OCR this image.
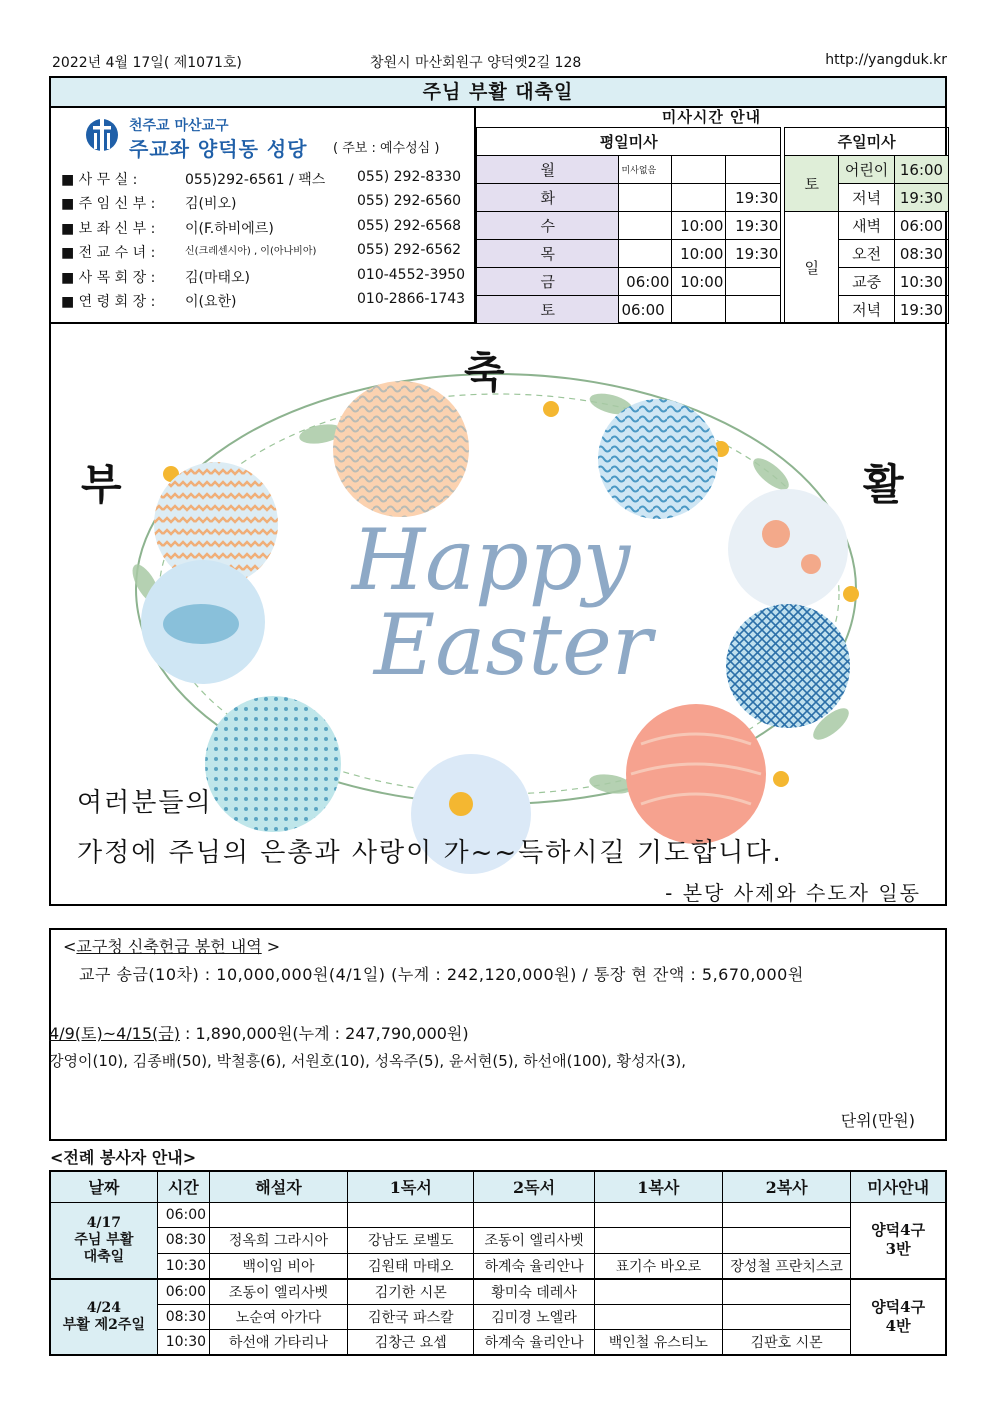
2022년 4월 17일( 제1071호)	창원시 마산회원구 양덕옛2길 128	http://yangduk.kr
주님 부활 대축일
천주교 마산교구
주교좌 양덕동 성당 ( 주보 : 예수성심 )
■ 사 무 실 :	055)292-6561 / 팩스 055) 292-8330
■ 주 임 신 부 : 김(비오)	055) 292-6560
■ 보 좌 신 부 : 이(F.하비에르)	055) 292-6568
■ 전 교 수 녀 :	신(크레센시아) , 이(아나비아)	055) 292-6562
■ 사 목 회 장 : 김(마태오)	010-4552-3950
■ 연 령 회 장 : 이(요한)	010-2866-1743
미사시간 안내
평일미사					주일미사		
월	미사없음				토	어린이	16:00
화			19:30			저녁	19:30
수		10:00	19:30		일	새벽	06:00
목		10:00	19:30			오전	08:30
금	06:00	10:00				교중	10:30
토	06:00					저녁	19:30
Happy
Easter
축
부	활
여러분들의
가정에 주님의 은총과 사랑이 가~~득하시길 기도합니다.
- 본당 사제와 수도자 일동
<교구청 신축헌금 봉헌 내역 >
교구 송금(10차) : 10,000,000원(4/1일) (누계 : 242,120,000원) / 통장 현 잔액 : 5,670,000원
4/9(토)~4/15(금) : 1,890,000원(누계 : 247,790,000원)
강영이(10), 김종배(50), 박철흥(6), 서원호(10), 성옥주(5), 윤서현(5), 하선애(100), 황성자(3),
단위(만원)
<전례 봉사자 안내>
날짜	시간	해설자	1독서	2독서	1복사	2복사	미사안내
4/17
주님 부활
대축일	06:00						양덕4구
3반
	08:30	정옥희 그라시아	강남도 로벨도	조동이 엘리사벳			
	10:30	백이임 비아	김원태 마태오	하계숙 율리안나	표기수 바오로	장성철 프란치스코	
4/24
부활 제2주일	06:00	조동이 엘리사벳	김기한 시몬	황미숙 데레사			양덕4구
4반
	08:30	노순여 아가다	김한국 파스칼	김미경 노엘라			
	10:30	하선애 가타리나	김창근 요셉	하계숙 율리안나	백인철 유스티노	김판호 시몬	
